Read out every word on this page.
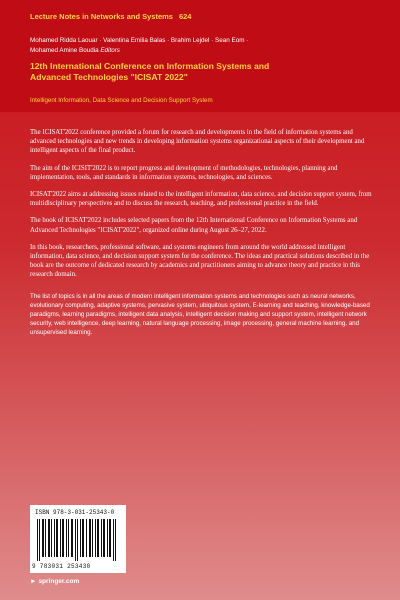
Lecture Notes in Networks and Systems 624
Mohamed Ridda Laouar · Valentina Emilia Balas · Brahim Lejdel · Sean Eom ·
Mohamed Amine Boudia Editors
12th International Conference on Information Systems and
Advanced Technologies "ICISAT 2022"
Intelligent Information, Data Science and Decision Support System

The ICISAT'2022 conference provided a forum for research and developments in the field of information systems and advanced technologies and new trends in developing information systems organizational aspects of their development and intelligent aspects of the final product.

The aim of the ICISIT'2022 is to report progress and development of methodologies, technologies, planning and implementation, tools, and standards in information systems, technologies, and sciences.

ICISAT'2022 aims at addressing issues related to the intelligent information, data science, and decision support system, from multidisciplinary perspectives and to discuss the research, teaching, and professional practice in the field.

The book of ICISAT'2022 includes selected papers from the 12th International Conference on Information Systems and Advanced Technologies "ICISAT'2022", organized online during August 26–27, 2022.

In this book, researchers, professional software, and systems engineers from around the world addressed intelligent information, data science, and decision support system for the conference. The ideas and practical solutions described in the book are the outcome of dedicated research by academics and practitioners aiming to advance theory and practice in this research domain.

The list of topics is in all the areas of modern intelligent information systems and technologies such as neural networks, evolutionary computing, adaptive systems, pervasive system, ubiquitous system, E-learning and teaching, knowledge-based paradigms, learning paradigms, intelligent data analysis, intelligent decision making and support system, intelligent network security, web intelligence, deep learning, natural language processing, image processing, general machine learning, and unsupervised learning.

ISBN 978-3-031-25343-0
9 783031 253430
► springer.com
